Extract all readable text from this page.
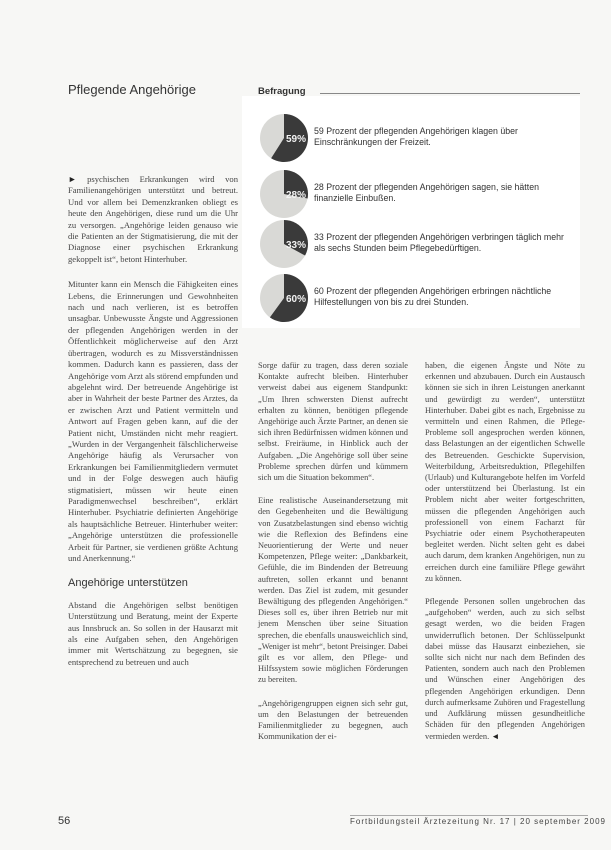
Pflegende Angehörige

► psychischen Erkrankungen wird von Familienangehörigen unterstützt und betreut. Und vor allem bei Demenzkranken obliegt es heute den Angehörigen, diese rund um die Uhr zu versorgen. „Angehörige leiden genauso wie die Patienten an der Stigmatisierung, die mit der Diagnose einer psychischen Erkrankung gekoppelt ist“, betont Hinterhuber.

Mitunter kann ein Mensch die Fähigkeiten eines Lebens, die Erinnerungen und Gewohnheiten nach und nach verlieren, ist es betroffen unsagbar. Unbewusste Ängste und Aggressionen der pflegenden Angehörigen werden in der Öffentlichkeit möglicherweise auf den Arzt übertragen, wodurch es zu Missverständnissen kommen. Dadurch kann es passieren, dass der Angehörige vom Arzt als störend empfunden und abgelehnt wird. Der betreuende Angehörige ist aber in Wahrheit der beste Partner des Arztes, da er zwischen Arzt und Patient vermitteln und Antwort auf Fragen geben kann, auf die der Patient nicht, Umständen nicht mehr reagiert. „Wurden in der Vergangenheit fälschlicherweise Angehörige häufig als Verursacher von Erkrankungen bei Familienmitgliedern vermutet und in der Folge deswegen auch häufig stigmatisiert, müssen wir heute einen Paradigmenwechsel beschreiben“, erklärt Hinterhuber. Psychiatrie definierten Angehörige als hauptsächliche Betreuer. Hinterhuber weiter: „Angehörige unterstützen die professionelle Arbeit für Partner, sie verdienen größte Achtung und Anerkennung.“

Angehörige unterstützen

Abstand die Angehörigen selbst benötigen Unterstützung und Beratung, meint der Experte aus Innsbruck an. So sollen in der Hausarzt mit als eine Aufgaben sehen, den Angehörigen immer mit Wertschätzung zu begegnen, sie entsprechend zu betreuen und auch

Befragung
59%
59 Prozent der pflegenden Angehörigen klagen über Einschränkungen der Freizeit.
28%
28 Prozent der pflegenden Angehörigen sagen, sie hätten finanzielle Einbußen.
33%
33 Prozent der pflegenden Angehörigen verbringen täglich mehr als sechs Stunden beim Pflegebedürftigen.
60%
60 Prozent der pflegenden Angehörigen erbringen nächtliche Hilfestellungen von bis zu drei Stunden.

Sorge dafür zu tragen, dass deren soziale Kontakte aufrecht bleiben. Hinterhuber verweist dabei aus eigenem Standpunkt: „Um Ihren schwersten Dienst aufrecht erhalten zu können, benötigen pflegende Angehörige auch Ärzte Partner, an denen sie sich ihren Bedürfnissen widmen können und selbst. Freiräume, in Hinblick auch der Aufgaben. „Die Angehörige soll über seine Probleme sprechen dürfen und kümmern sich um die Situation bekommen“.

Eine realistische Auseinandersetzung mit den Gegebenheiten und die Bewältigung von Zusatzbelastungen sind ebenso wichtig wie die Reflexion des Befindens eine Neuorientierung der Werte und neuer Kompetenzen, Pflege weiter: „Dankbarkeit, Gefühle, die im Bindenden der Betreuung auftreten, sollen erkannt und benannt werden. Das Ziel ist zudem, mit gesunder Bewältigung des pflegenden Angehörigen.“ Dieses soll es, über ihren Betrieb nur mit jenem Menschen über seine Situation sprechen, die ebenfalls unausweichlich sind, „Weniger ist mehr“, betont Preisinger. Dabei gilt es vor allem, den Pflege- und Hilfssystem sowie möglichen Förderungen zu bereiten.

„Angehörigengruppen eignen sich sehr gut, um den Belastungen der betreuenden Familienmitglieder zu begegnen, auch Kommunikation der ei-

haben, die eigenen Ängste und Nöte zu erkennen und abzubauen. Durch ein Austausch können sie sich in ihren Leistungen anerkannt und gewürdigt zu werden“, unterstützt Hinterhuber. Dabei gibt es nach, Ergebnisse zu vermitteln und einen Rahmen, die Pflege-Probleme soll angesprochen werden können, dass Belastungen an der eigentlichen Schwelle des Betreuenden. Geschickte Supervision, Weiterbildung, Arbeitsreduktion, Pflegehilfen (Urlaub) und Kulturangebote helfen im Vorfeld oder unterstützend bei Überlastung. Ist ein Problem nicht aber weiter fortgeschritten, müssen die pflegenden Angehörigen auch professionell von einem Facharzt für Psychiatrie oder einem Psychotherapeuten begleitet werden. Nicht selten geht es dabei auch darum, dem kranken Angehörigen, nun zu erreichen durch eine familiäre Pflege gewährt zu können.

Pflegende Personen sollen ungebrochen das „aufgehoben“ werden, auch zu sich selbst gesagt werden, wo die beiden Fragen unwiderruflich betonen. Der Schlüsselpunkt dabei müsse das Hausarzt einbeziehen, sie sollte sich nicht nur nach dem Befinden des Patienten, sondern auch nach den Problemen und Wünschen einer Angehörigen des pflegenden Angehörigen erkundigen. Denn durch aufmerksame Zuhören und Fragestellung und Aufklärung müssen gesundheitliche Schäden für den pflegenden Angehörigen vermieden werden. ◄

56	Fortbildungsteil Ärztezeitung Nr. 17 | 20 september 2009
